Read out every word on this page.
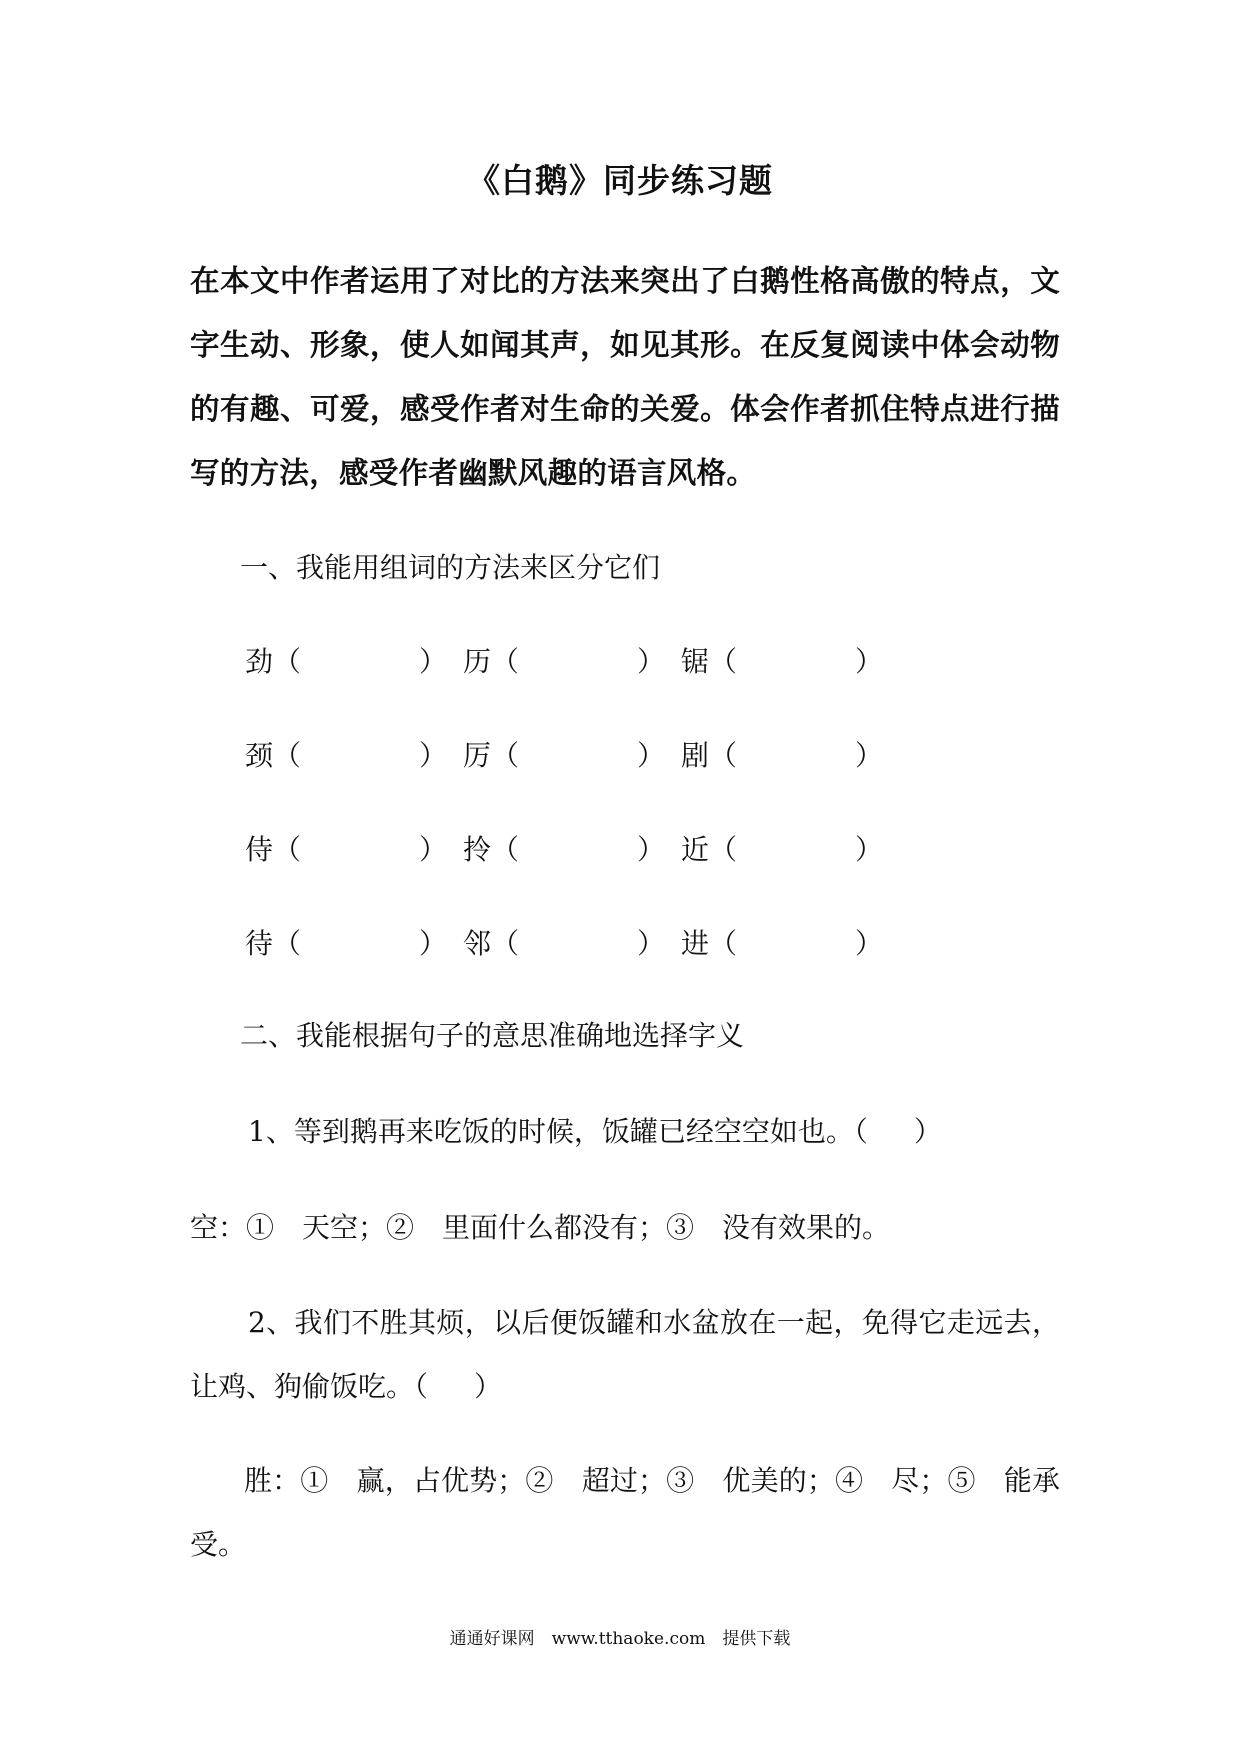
《白鹅》同步练习题

在本文中作者运用了对比的方法来突出了白鹅性格高傲的特点，文字生动、形象，使人如闻其声，如见其形。在反复阅读中体会动物的有趣、可爱，感受作者对生命的关爱。体会作者抓住特点进行描写的方法，感受作者幽默风趣的语言风格。

一、我能用组词的方法来区分它们
劲（	） 历（	） 锯（	）
颈（	） 厉（	） 剧（	）
侍（	） 拎（	） 近（	）
待（	） 邻（	） 进（	）
二、我能根据句子的意思准确地选择字义

1、等到鹅再来吃饭的时候，饭罐已经空空如也。（ ）

空：①　天空；②　里面什么都没有；③　没有效果的。

2、我们不胜其烦，以后便饭罐和水盆放在一起，免得它走远去，让鸡、狗偷饭吃。（ ）

胜：①　赢，占优势；②　超过；③　优美的；④　尽；⑤　能承受。

通通好课网　www.tthaoke.com　提供下载
